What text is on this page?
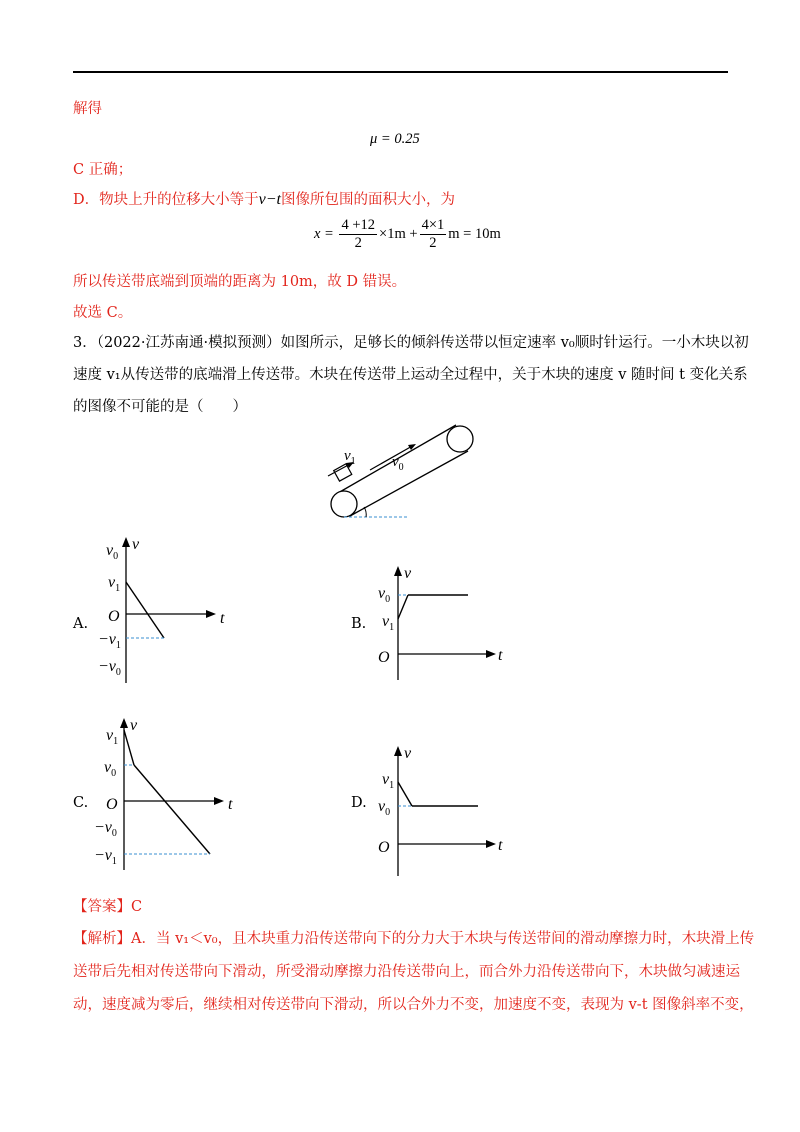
解得
μ = 0.25
C 正确；
D．物块上升的位移大小等于v−t图像所包围的面积大小，为
$x = \frac{4 +12}{2} \times 1m + \frac{4\times 1}{2}$ m = 10m
所以传送带底端到顶端的距离为 10m，故 D 错误。
故选 C。
3．（2022·江苏南通·模拟预测）如图所示，足够长的倾斜传送带以恒定速率 v₀顺时针运行。一小木块以初
速度 v₁从传送带的底端滑上传送带。木块在传送带上运动全过程中，关于木块的速度 v 随时间 t 变化关系
的图像不可能的是（　　）
$v_1$ $v_0$
A.
$v_0$
v
$v_1$
O	t
$-v_1$
$-v_0$
B.
v
$v_0$
$v_1$
O	t
C.
v
$v_1$
$v_0$
O	t
$-v_0$
$-v_1$
D.
v
$v_1$
$v_0$
O	t
【答案】C
【解析】A．当 v₁＜v₀，且木块重力沿传送带向下的分力大于木块与传送带间的滑动摩擦力时，木块滑上传
送带后先相对传送带向下滑动，所受滑动摩擦力沿传送带向上，而合外力沿传送带向下，木块做匀减速运
动，速度减为零后，继续相对传送带向下滑动，所以合外力不变，加速度不变，表现为 v-t 图像斜率不变，
